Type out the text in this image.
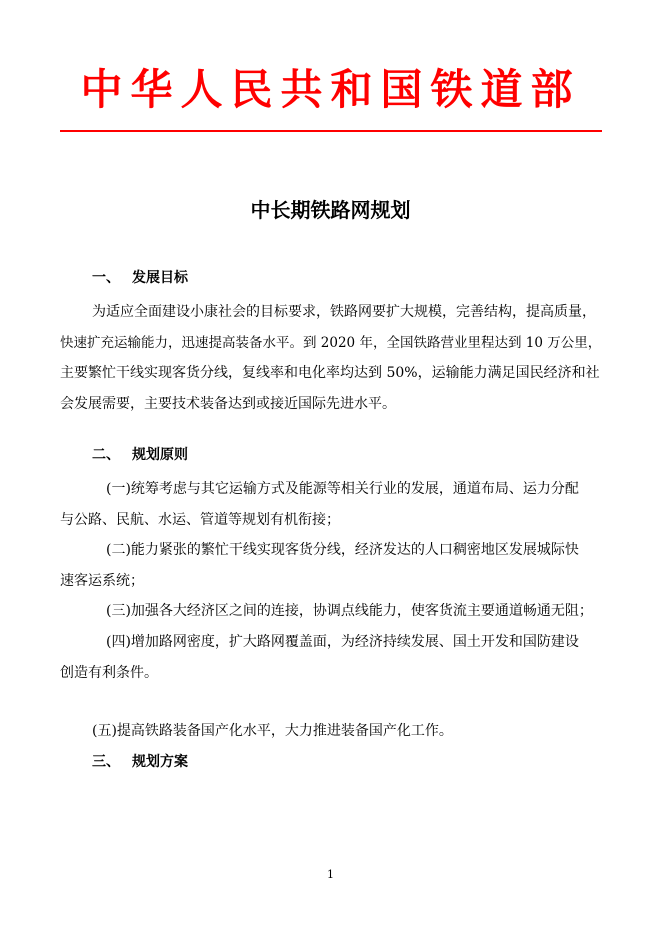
中华人民共和国铁道部
中长期铁路网规划
一、 发展目标
为适应全面建设小康社会的目标要求，铁路网要扩大规模，完善结构，提高质量，
快速扩充运输能力，迅速提高装备水平。到 2020 年，全国铁路营业里程达到 10 万公里，
主要繁忙干线实现客货分线，复线率和电化率均达到 50%，运输能力满足国民经济和社
会发展需要，主要技术装备达到或接近国际先进水平。
二、 规划原则
(一)统筹考虑与其它运输方式及能源等相关行业的发展，通道布局、运力分配
与公路、民航、水运、管道等规划有机衔接；
(二)能力紧张的繁忙干线实现客货分线，经济发达的人口稠密地区发展城际快
速客运系统；
(三)加强各大经济区之间的连接，协调点线能力，使客货流主要通道畅通无阻；
(四)增加路网密度，扩大路网覆盖面，为经济持续发展、国土开发和国防建设
创造有利条件。
(五)提高铁路装备国产化水平，大力推进装备国产化工作。
三、 规划方案
1
